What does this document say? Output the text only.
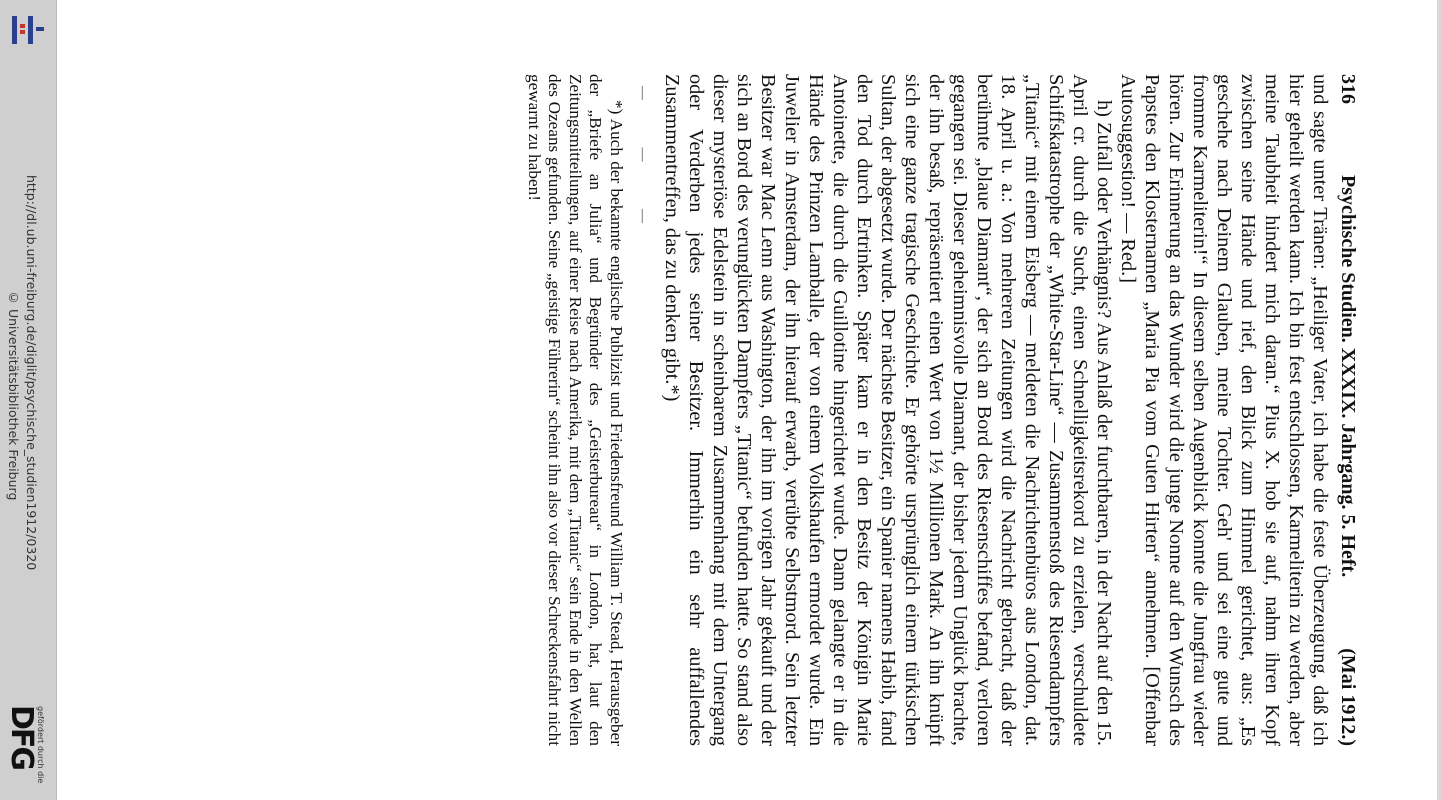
http://dl.ub.uni-freiburg.de/diglit/psychische_studien1912/0320
© Universitätsbibliothek Freiburg
gefördert durch die
DFG
316
Psychische Studien. XXXIX. Jahrgang. 5. Heft.
(Mai 1912.)

und sagte unter Tränen: „Heiliger Vater, ich habe die feste Überzeugung, daß ich hier geheilt werden kann. Ich bin fest entschlossen, Karmeliterin zu werden, aber meine Taubheit hindert mich daran.“ Pius X. hob sie auf, nahm ihren Kopf zwischen seine Hände und rief, den Blick zum Himmel gerichtet, aus: „Es geschehe nach Deinem Glauben, meine Tochter. Geh' und sei eine gute und fromme Karmeliterin!“ In diesem selben Augenblick konnte die Jungfrau wieder hören. Zur Erinnerung an das Wunder wird die junge Nonne auf den Wunsch des Papstes den Klosternamen „Maria Pia vom Guten Hirten“ annehmen. [Offenbar Autosuggestion! — Red.]

h) Zufall oder Verhängnis? Aus Anlaß der furchtbaren, in der Nacht auf den 15. April cr. durch die Sucht, einen Schnelligkeitsrekord zu erzielen, verschuldete Schiffskatastrophe der „White-Star-Line“ — Zusammenstoß des Riesendampfers „Titanic“ mit einem Eisberg — meldeten die Nachrichtenbüros aus London, dat. 18. April u. a.: Von mehreren Zeitungen wird die Nachricht gebracht, daß der berühmte „blaue Diamant“, der sich an Bord des Riesenschiffes befand, verloren gegangen sei. Dieser geheimnisvolle Diamant, der bisher jedem Unglück brachte, der ihn besaß, repräsentiert einen Wert von 1½ Millionen Mark. An ihn knüpft sich eine ganze tragische Geschichte. Er gehörte ursprünglich einem türkischen Sultan, der abgesetzt wurde. Der nächste Besitzer, ein Spanier namens Habib, fand den Tod durch Ertrinken. Später kam er in den Besitz der Königin Marie Antoinette, die durch die Guillotine hingerichtet wurde. Dann gelangte er in die Hände des Prinzen Lamballe, der von einem Volkshaufen ermordet wurde. Ein Juwelier in Amsterdam, der ihn hierauf erwarb, verübte Selbstmord. Sein letzter Besitzer war Mac Lenn aus Washington, der ihn im vorigen Jahr gekauft und der sich an Bord des verunglückten Dampfers „Titanic“ befunden hatte. So stand also dieser mysteriöse Edelstein in scheinbarem Zusammenhang mit dem Untergang oder Verderben jedes seiner Besitzer. Immerhin ein sehr auffallendes Zusammentreffen, das zu denken gibt.*)

— — —

*) Auch der bekannte englische Publizist und Friedensfreund William T. Stead, Herausgeber der „Briefe an Julia“ und Begründer des „Geisterbureau“ in London, hat, laut den Zeitungsmitteilungen, auf einer Reise nach Amerika, mit dem „Titanic“ sein Ende in den Wellen des Ozeans gefunden. Seine „geistige Führerin“ scheint ihn also vor dieser Schreckensfahrt nicht gewarnt zu haben!
